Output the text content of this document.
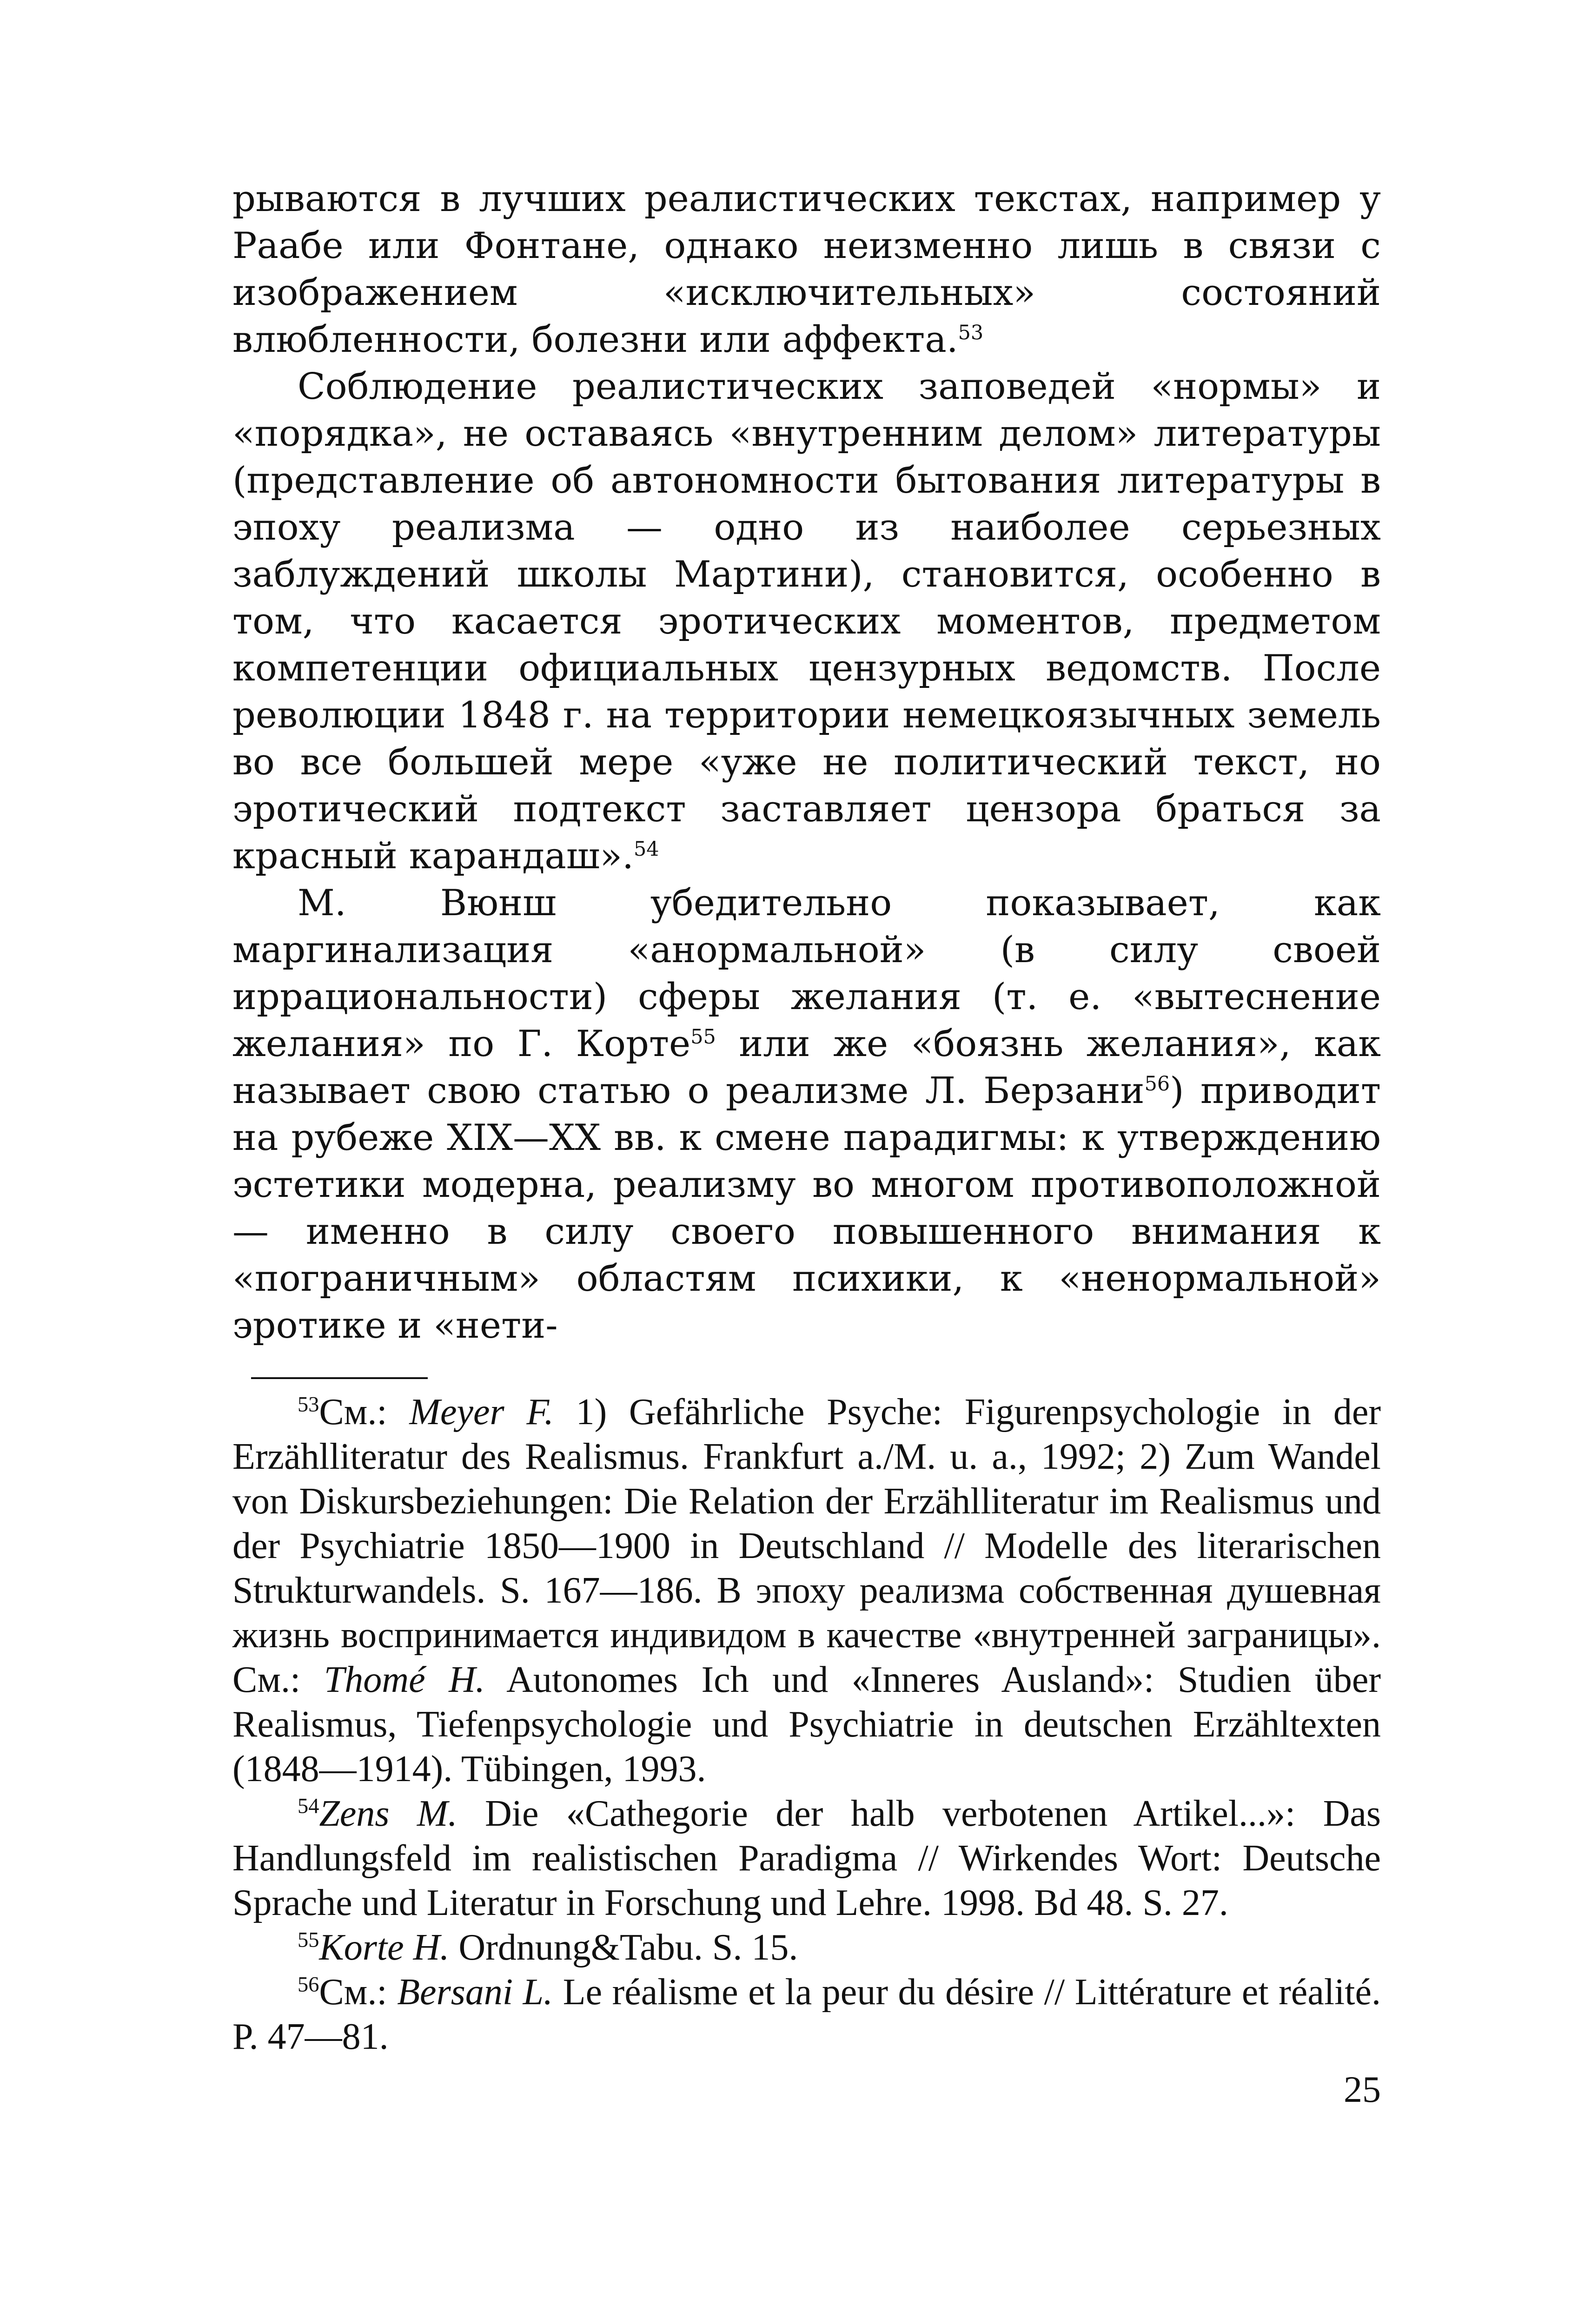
рываются в лучших реалистических текстах, например у Раабе или Фонтане, однако неизменно лишь в связи с изображением «исключительных» состояний влюбленности, болезни или аффекта.$^{53}$

Соблюдение реалистических заповедей «нормы» и «порядка», не оставаясь «внутренним делом» литературы (представление об автономности бытования литературы в эпоху реализма — одно из наиболее серьезных заблуждений школы Мартини), становится, особенно в том, что касается эротических моментов, предметом компетенции официальных цензурных ведомств. После революции 1848 г. на территории немецкоязычных земель во все большей мере «уже не политический текст, но эротический подтекст заставляет цензора браться за красный карандаш».$^{54}$

М. Вюнш убедительно показывает, как маргинализация «анормальной» (в силу своей иррациональности) сферы желания (т. е. «вытеснение желания» по Г. Корте$^{55}$ или же «боязнь желания», как называет свою статью о реализме Л. Берзани$^{56}$) приводит на рубеже XIX—XX вв. к смене парадигмы: к утверждению эстетики модерна, реализму во многом противоположной — именно в силу своего повышенного внимания к «пограничным» областям психики, к «ненормальной» эротике и «нети-

$^{53}$См.: Meyer F. 1) Gefährliche Psyche: Figurenpsychologie in der Erzählliteratur des Realismus. Frankfurt a./M. u. a., 1992; 2) Zum Wandel von Diskursbeziehungen: Die Relation der Erzählliteratur im Realismus und der Psychiatrie 1850—1900 in Deutschland // Modelle des literarischen Strukturwandels. S. 167—186. В эпоху реализма собственная душевная жизнь воспринимается индивидом в качестве «внутренней заграницы». См.: Thomé H. Autonomes Ich und «Inneres Ausland»: Studien über Realismus, Tiefenpsychologie und Psychiatrie in deutschen Erzähltexten (1848—1914). Tübingen, 1993.

$^{54}$Zens M. Die «Cathegorie der halb verbotenen Artikel...»: Das Handlungsfeld im realistischen Paradigma // Wirkendes Wort: Deutsche Sprache und Literatur in Forschung und Lehre. 1998. Bd 48. S. 27.

$^{55}$Korte H. Ordnung&Tabu. S. 15.

$^{56}$См.: Bersani L. Le réalisme et la peur du désire // Littérature et réalité. P. 47—81.

25
